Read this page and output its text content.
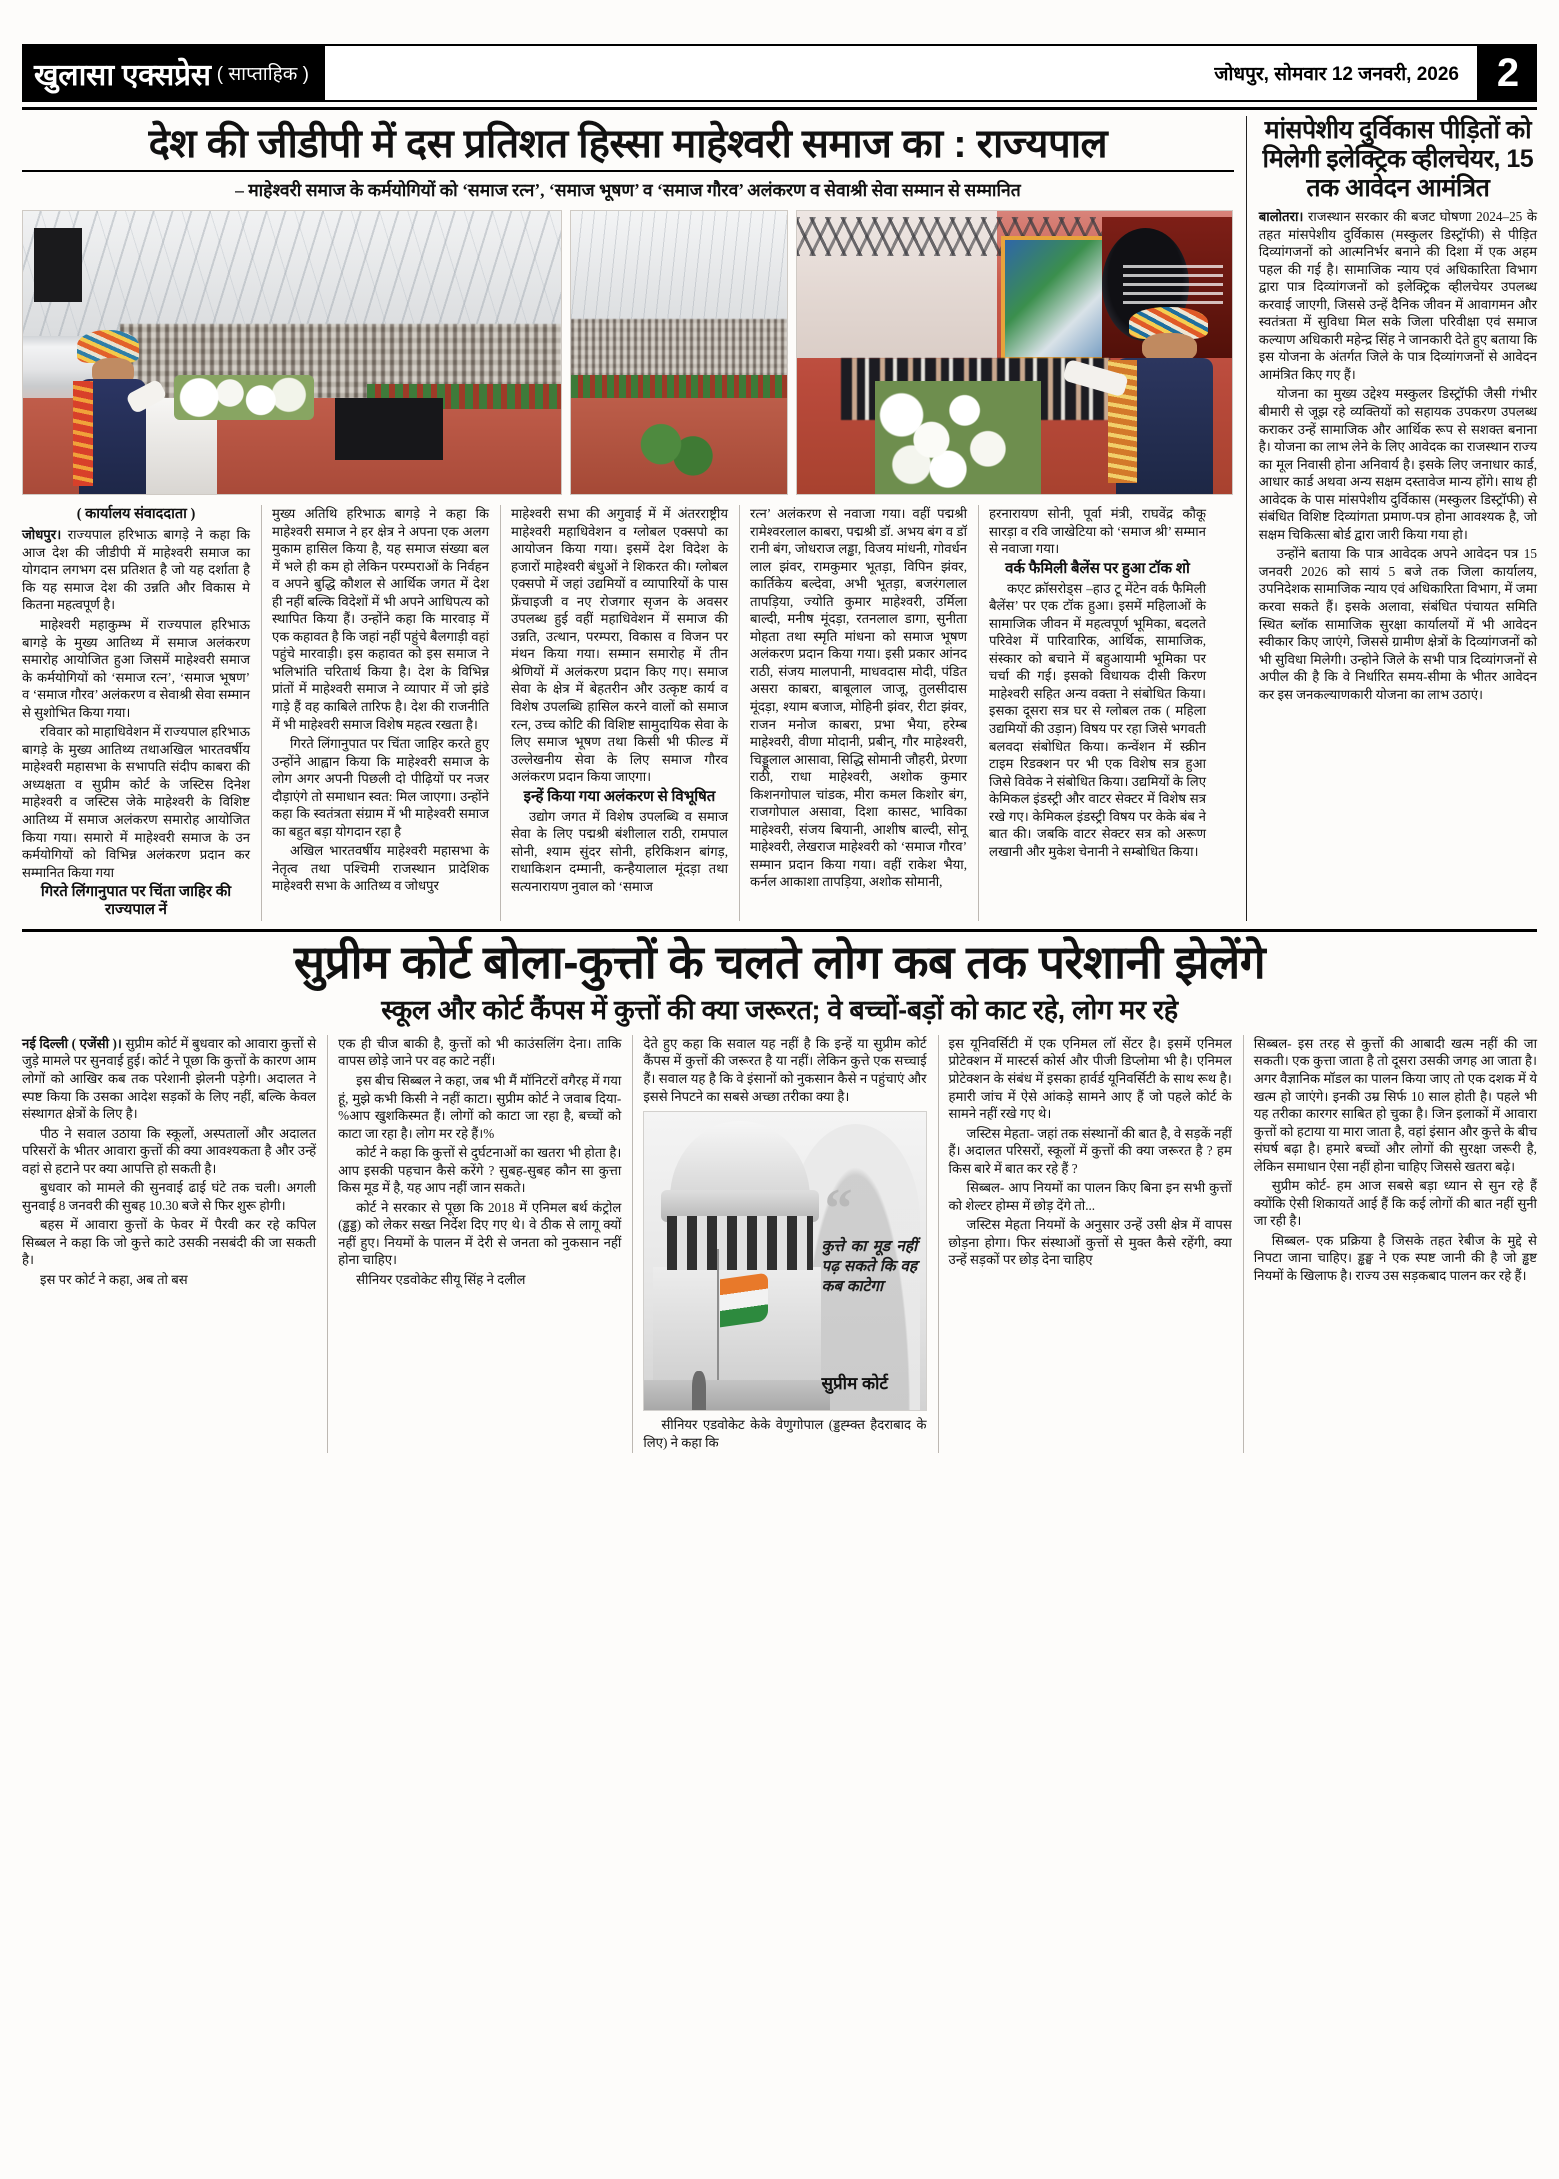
खुलासा एक्सप्रेस ( साप्ताहिक )	जोधपुर, सोमवार 12 जनवरी, 2026 2
देश की जीडीपी में दस प्रतिशत हिस्सा माहेश्वरी समाज का : राज्यपाल
– माहेश्वरी समाज के कर्मयोगियों को ‘समाज रत्न’, ‘समाज भूषण’ व ‘समाज गौरव’ अलंकरण व सेवाश्री सेवा सम्मान से सम्मानित

( कार्यालय संवाददाता )

जोधपुर। राज्यपाल हरिभाऊ बागड़े ने कहा कि आज देश की जीडीपी में माहेश्वरी समाज का योगदान लगभग दस प्रतिशत है जो यह दर्शाता है कि यह समाज देश की उन्नति और विकास मे कितना महत्वपूर्ण है।

माहेश्वरी महाकुम्भ में राज्यपाल हरिभाऊ बागड़े के मुख्य आतिथ्य में समाज अलंकरण समारोह आयोजित हुआ जिसमें माहेश्वरी समाज के कर्मयोगियों को ‘समाज रत्न’, ‘समाज भूषण’ व ‘समाज गौरव’ अलंकरण व सेवाश्री सेवा सम्मान से सुशोभित किया गया।

रविवार को माहाधिवेशन में राज्यपाल हरिभाऊ बागड़े के मुख्य आतिथ्य तथाअखिल भारतवर्षीय माहेश्वरी महासभा के सभापति संदीप काबरा की अध्यक्षता व सुप्रीम कोर्ट के जस्टिस दिनेश माहेश्वरी व जस्टिस जेके माहेश्वरी के विशिष्ट आतिथ्य में समाज अलंकरण समारोह आयोजित किया गया। समारो में माहेश्वरी समाज के उन कर्मयोगियों को विभिन्न अलंकरण प्रदान कर सम्मानित किया गया

गिरते लिंगानुपात पर चिंता जाहिर की राज्यपाल नें

मुख्य अतिथि हरिभाऊ बागड़े ने कहा कि माहेश्वरी समाज ने हर क्षेत्र ने अपना एक अलग मुकाम हासिल किया है, यह समाज संख्या बल में भले ही कम हो लेकिन परम्पराओं के निर्वहन व अपने बुद्धि कौशल से आर्थिक जगत में देश ही नहीं बल्कि विदेशों में भी अपने आधिपत्य को स्थापित किया हैं। उन्होंने कहा कि मारवाड़ में एक कहावत है कि जहां नहीं पहुंचे बैलगाड़ी वहां पहुंचे मारवाड़ी। इस कहावत को इस समाज ने भलिभांति चरितार्थ किया है। देश के विभिन्न प्रांतों में माहेश्वरी समाज ने व्यापार में जो झंडे गाड़े हैं वह काबिले तारिफ है। देश की राजनीति में भी माहेश्वरी समाज विशेष महत्व रखता है।

गिरते लिंगानुपात पर चिंता जाहिर करते हुए उन्होंने आह्वान किया कि माहेश्वरी समाज के लोग अगर अपनी पिछली दो पीढ़ियों पर नजर दौड़ाएंगे तो समाधान स्वत: मिल जाएगा। उन्होंने कहा कि स्वतंत्रता संग्राम में भी माहेश्वरी समाज का बहुत बड़ा योगदान रहा है

अखिल भारतवर्षीय माहेश्वरी महासभा के नेतृत्व तथा पश्चिमी राजस्थान प्रादेशिक माहेश्वरी सभा के आतिथ्य व जोधपुर

माहेश्वरी सभा की अगुवाई में में अंतरराष्ट्रीय माहेश्वरी महाधिवेशन व ग्लोबल एक्सपो का आयोजन किया गया। इसमें देश विदेश के हजारों माहेश्वरी बंधुओं ने शिकरत की। ग्लोबल एक्सपो में जहां उद्यमियों व व्यापारियों के पास फ्रेंचाइजी व नए रोजगार सृजन के अवसर उपलब्ध हुई वहीं महाधिवेशन में समाज की उन्नति, उत्थान, परम्परा, विकास व विजन पर मंथन किया गया। सम्मान समारोह में तीन श्रेणियों में अलंकरण प्रदान किए गए। समाज सेवा के क्षेत्र में बेहतरीन और उत्कृष्ट कार्य व विशेष उपलब्धि हासिल करने वालों को समाज रत्न, उच्च कोटि की विशिष्ट सामुदायिक सेवा के लिए समाज भूषण तथा किसी भी फील्ड में उल्लेखनीय सेवा के लिए समाज गौरव अलंकरण प्रदान किया जाएगा।

इन्हें किया गया अलंकरण से विभूषित

उद्योग जगत में विशेष उपलब्धि व समाज सेवा के लिए पद्मश्री बंशीलाल राठी, रामपाल सोनी, श्याम सुंदर सोनी, हरिकिशन बांगड़, राधाकिशन दम्मानी, कन्हैयालाल मूंदड़ा तथा सत्यनारायण नुवाल को ‘समाज

रत्न’ अलंकरण से नवाजा गया। वहीं पद्मश्री रामेश्वरलाल काबरा, पद्मश्री डॉ. अभय बंग व डॉ रानी बंग, जोधराज लड्ढा, विजय मांधनी, गोवर्धन लाल झंवर, रामकुमार भूतड़ा, विपिन झंवर, कार्तिकेय बल्देवा, अभी भूतड़ा, बजरंगलाल तापड़िया, ज्योति कुमार माहेश्वरी, उर्मिला बाल्दी, मनीष मूंदड़ा, रतनलाल डागा, सुनीता मोहता तथा स्मृति मांधना को समाज भूषण अलंकरण प्रदान किया गया। इसी प्रकार आंनद राठी, संजय मालपानी, माधवदास मोदी, पंडित असरा काबरा, बाबूलाल जाजू, तुलसीदास मूंदड़ा, श्याम बजाज, मोहिनी झंवर, रीटा झंवर, राजन मनोज काबरा, प्रभा भैया, हरेम्ब माहेश्वरी, वीणा मोदानी, प्रबीन्, गौर माहेश्वरी, चिड्डूलाल आसावा, सिद्धि सोमानी जौहरी, प्रेरणा राठी, राधा माहेश्वरी, अशोक कुमार किशनगोपाल चांडक, मीरा कमल किशोर बंग, राजगोपाल असावा, दिशा कासट, भाविका माहेश्वरी, संजय बियानी, आशीष बाल्दी, सोनू माहेश्वरी, लेखराज माहेश्वरी को ‘समाज गौरव’ सम्मान प्रदान किया गया। वहीं राकेश भैया, कर्नल आकाशा तापड़िया, अशोक सोमानी,

हरनारायण सोनी, पूर्वा मंत्री, राघवेंद्र कौकू सारड़ा व रवि जाखेटिया को ‘समाज श्री’ सम्मान से नवाजा गया।

वर्क फैमिली बैलेंस पर हुआ टॉक शो

कएट क्रॉसरोड्स –हाउ टू मेंटेन वर्क फैमिली बैलेंस’ पर एक टॉक हुआ। इसमें महिलाओं के सामाजिक जीवन में महत्वपूर्ण भूमिका, बदलते परिवेश में पारिवारिक, आर्थिक, सामाजिक, संस्कार को बचाने में बहुआयामी भूमिका पर चर्चा की गई। इसको विधायक दीसी किरण माहेश्वरी सहित अन्य वक्ता ने संबोधित किया। इसका दूसरा सत्र घर से ग्लोबल तक ( महिला उद्यमियों की उड़ान) विषय पर रहा जिसे भगवती बलवदा संबोधित किया। कन्वेंशन में स्क्रीन टाइम रिडक्शन पर भी एक विशेष सत्र हुआ जिसे विवेक ने संबोधित किया। उद्यमियों के लिए केमिकल इंडस्ट्री और वाटर सेक्टर में विशेष सत्र रखे गए। केमिकल इंडस्ट्री विषय पर केके बंब ने बात की। जबकि वाटर सेक्टर सत्र को अरूण लखानी और मुकेश चेनानी ने सम्बोधित किया।

मांसपेशीय दुर्विकास पीड़ितों को मिलेगी इलेक्ट्रिक व्हीलचेयर, 15 तक आवेदन आमंत्रित

बालोतरा। राजस्थान सरकार की बजट घोषणा 2024–25 के तहत मांसपेशीय दुर्विकास (मस्कुलर डिस्ट्रॉफी) से पीड़ित दिव्यांगजनों को आत्मनिर्भर बनाने की दिशा में एक अहम पहल की गई है। सामाजिक न्याय एवं अधिकारिता विभाग द्वारा पात्र दिव्यांगजनों को इलेक्ट्रिक व्हीलचेयर उपलब्ध करवाई जाएगी, जिससे उन्हें दैनिक जीवन में आवागमन और स्वतंत्रता में सुविधा मिल सके जिला परिवीक्षा एवं समाज कल्याण अधिकारी महेन्द्र सिंह ने जानकारी देते हुए बताया कि इस योजना के अंतर्गत जिले के पात्र दिव्यांगजनों से आवेदन आमंत्रित किए गए हैं।

योजना का मुख्य उद्देश्य मस्कुलर डिस्ट्रॉफी जैसी गंभीर बीमारी से जूझ रहे व्यक्तियों को सहायक उपकरण उपलब्ध कराकर उन्हें सामाजिक और आर्थिक रूप से सशक्त बनाना है। योजना का लाभ लेने के लिए आवेदक का राजस्थान राज्य का मूल निवासी होना अनिवार्य है। इसके लिए जनाधार कार्ड, आधार कार्ड अथवा अन्य सक्षम दस्तावेज मान्य होंगे। साथ ही आवेदक के पास मांसपेशीय दुर्विकास (मस्कुलर डिस्ट्रॉफी) से संबंधित विशिष्ट दिव्यांगता प्रमाण-पत्र होना आवश्यक है, जो सक्षम चिकित्सा बोर्ड द्वारा जारी किया गया हो।

उन्होंने बताया कि पात्र आवेदक अपने आवेदन पत्र 15 जनवरी 2026 को सायं 5 बजे तक जिला कार्यालय, उपनिदेशक सामाजिक न्याय एवं अधिकारिता विभाग, में जमा करवा सकते हैं। इसके अलावा, संबंधित पंचायत समिति स्थित ब्लॉक सामाजिक सुरक्षा कार्यालयों में भी आवेदन स्वीकार किए जाएंगे, जिससे ग्रामीण क्षेत्रों के दिव्यांगजनों को भी सुविधा मिलेगी। उन्होने जिले के सभी पात्र दिव्यांगजनों से अपील की है कि वे निर्धारित समय-सीमा के भीतर आवेदन कर इस जनकल्याणकारी योजना का लाभ उठाएं।

सुप्रीम कोर्ट बोला-कुत्तों के चलते लोग कब तक परेशानी झेलेंगे
स्कूल और कोर्ट कैंपस में कुत्तों की क्या जरूरत; वे बच्चों-बड़ों को काट रहे, लोग मर रहे

नई दिल्ली ( एजेंसी )। सुप्रीम कोर्ट में बुधवार को आवारा कुत्तों से जुड़े मामले पर सुनवाई हुई। कोर्ट ने पूछा कि कुत्तों के कारण आम लोगों को आखिर कब तक परेशानी झेलनी पड़ेगी। अदालत ने स्पष्ट किया कि उसका आदेश सड़कों के लिए नहीं, बल्कि केवल संस्थागत क्षेत्रों के लिए है।

पीठ ने सवाल उठाया कि स्कूलों, अस्पतालों और अदालत परिसरों के भीतर आवारा कुत्तों की क्या आवश्यकता है और उन्हें वहां से हटाने पर क्या आपत्ति हो सकती है।

बुधवार को मामले की सुनवाई ढाई घंटे तक चली। अगली सुनवाई 8 जनवरी की सुबह 10.30 बजे से फिर शुरू होगी।

बहस में आवारा कुत्तों के फेवर में पैरवी कर रहे कपिल सिब्बल ने कहा कि जो कुत्ते काटे उसकी नसबंदी की जा सकती है।

इस पर कोर्ट ने कहा, अब तो बस

एक ही चीज बाकी है, कुत्तों को भी काउंसलिंग देना। ताकि वापस छोड़े जाने पर वह काटे नहीं।

इस बीच सिब्बल ने कहा, जब भी मैं मॉनिटरों वगैरह में गया हूं, मुझे कभी किसी ने नहीं काटा। सुप्रीम कोर्ट ने जवाब दिया- %आप खुशकिस्मत हैं। लोगों को काटा जा रहा है, बच्चों को काटा जा रहा है। लोग मर रहे हैं।%

कोर्ट ने कहा कि कुत्तों से दुर्घटनाओं का खतरा भी होता है। आप इसकी पहचान कैसे करेंगे ? सुबह-सुबह कौन सा कुत्ता किस मूड में है, यह आप नहीं जान सकते।

कोर्ट ने सरकार से पूछा कि 2018 में एनिमल बर्थ कंट्रोल (ड्ढड्ड) को लेकर सख्त निर्देश दिए गए थे। वे ठीक से लागू क्यों नहीं हुए। नियमों के पालन में देरी से जनता को नुकसान नहीं होना चाहिए।

सीनियर एडवोकेट सीयू सिंह ने दलील

देते हुए कहा कि सवाल यह नहीं है कि इन्हें या सुप्रीम कोर्ट कैंपस में कुत्तों की जरूरत है या नहीं। लेकिन कुत्ते एक सच्चाई हैं। सवाल यह है कि वे इंसानों को नुकसान कैसे न पहुंचाएं और इससे निपटने का सबसे अच्छा तरीका क्या है।

“
कुत्ते का मूड नहीं पढ़ सकते कि वह कब काटेगा
सुप्रीम कोर्ट

सीनियर एडवोकेट केके वेणुगोपाल (ड्डह्म्क्त हैदराबाद के लिए) ने कहा कि

इस यूनिवर्सिटी में एक एनिमल लॉ सेंटर है। इसमें एनिमल प्रोटेक्शन में मास्टर्स कोर्स और पीजी डिप्लोमा भी है। एनिमल प्रोटेक्शन के संबंध में इसका हार्वर्ड यूनिवर्सिटी के साथ रूथ है। हमारी जांच में ऐसे आंकड़े सामने आए हैं जो पहले कोर्ट के सामने नहीं रखे गए थे।

जस्टिस मेहता- जहां तक संस्थानों की बात है, वे सड़कें नहीं हैं। अदालत परिसरों, स्कूलों में कुत्तों की क्या जरूरत है ? हम किस बारे में बात कर रहे हैं ?

सिब्बल- आप नियमों का पालन किए बिना इन सभी कुत्तों को शेल्टर होम्स में छोड़ देंगे तो...

जस्टिस मेहता नियमों के अनुसार उन्हें उसी क्षेत्र में वापस छोड़ना होगा। फिर संस्थाओं कुत्तों से मुक्त कैसे रहेंगी, क्या उन्हें सड़कों पर छोड़ देना चाहिए

सिब्बल- इस तरह से कुत्तों की आबादी खत्म नहीं की जा सकती। एक कुत्ता जाता है तो दूसरा उसकी जगह आ जाता है। अगर वैज्ञानिक मॉडल का पालन किया जाए तो एक दशक में ये खत्म हो जाएंगे। इनकी उम्र सिर्फ 10 साल होती है। पहले भी यह तरीका कारगर साबित हो चुका है। जिन इलाकों में आवारा कुत्तों को हटाया या मारा जाता है, वहां इंसान और कुत्ते के बीच संघर्ष बढ़ा है। हमारे बच्चों और लोगों की सुरक्षा जरूरी है, लेकिन समाधान ऐसा नहीं होना चाहिए जिससे खतरा बढ़े।

सुप्रीम कोर्ट- हम आज सबसे बड़ा ध्यान से सुन रहे हैं क्योंकि ऐसी शिकायतें आई हैं कि कई लोगों की बात नहीं सुनी जा रही है।

सिब्बल- एक प्रक्रिया है जिसके तहत रेबीज के मुद्दे से निपटा जाना चाहिए। ड्ढङ्घ ने एक स्पष्ट जानी की है जो ड्ढष्ट नियमों के खिलाफ है। राज्य उस सड़कबाद पालन कर रहे हैं।
